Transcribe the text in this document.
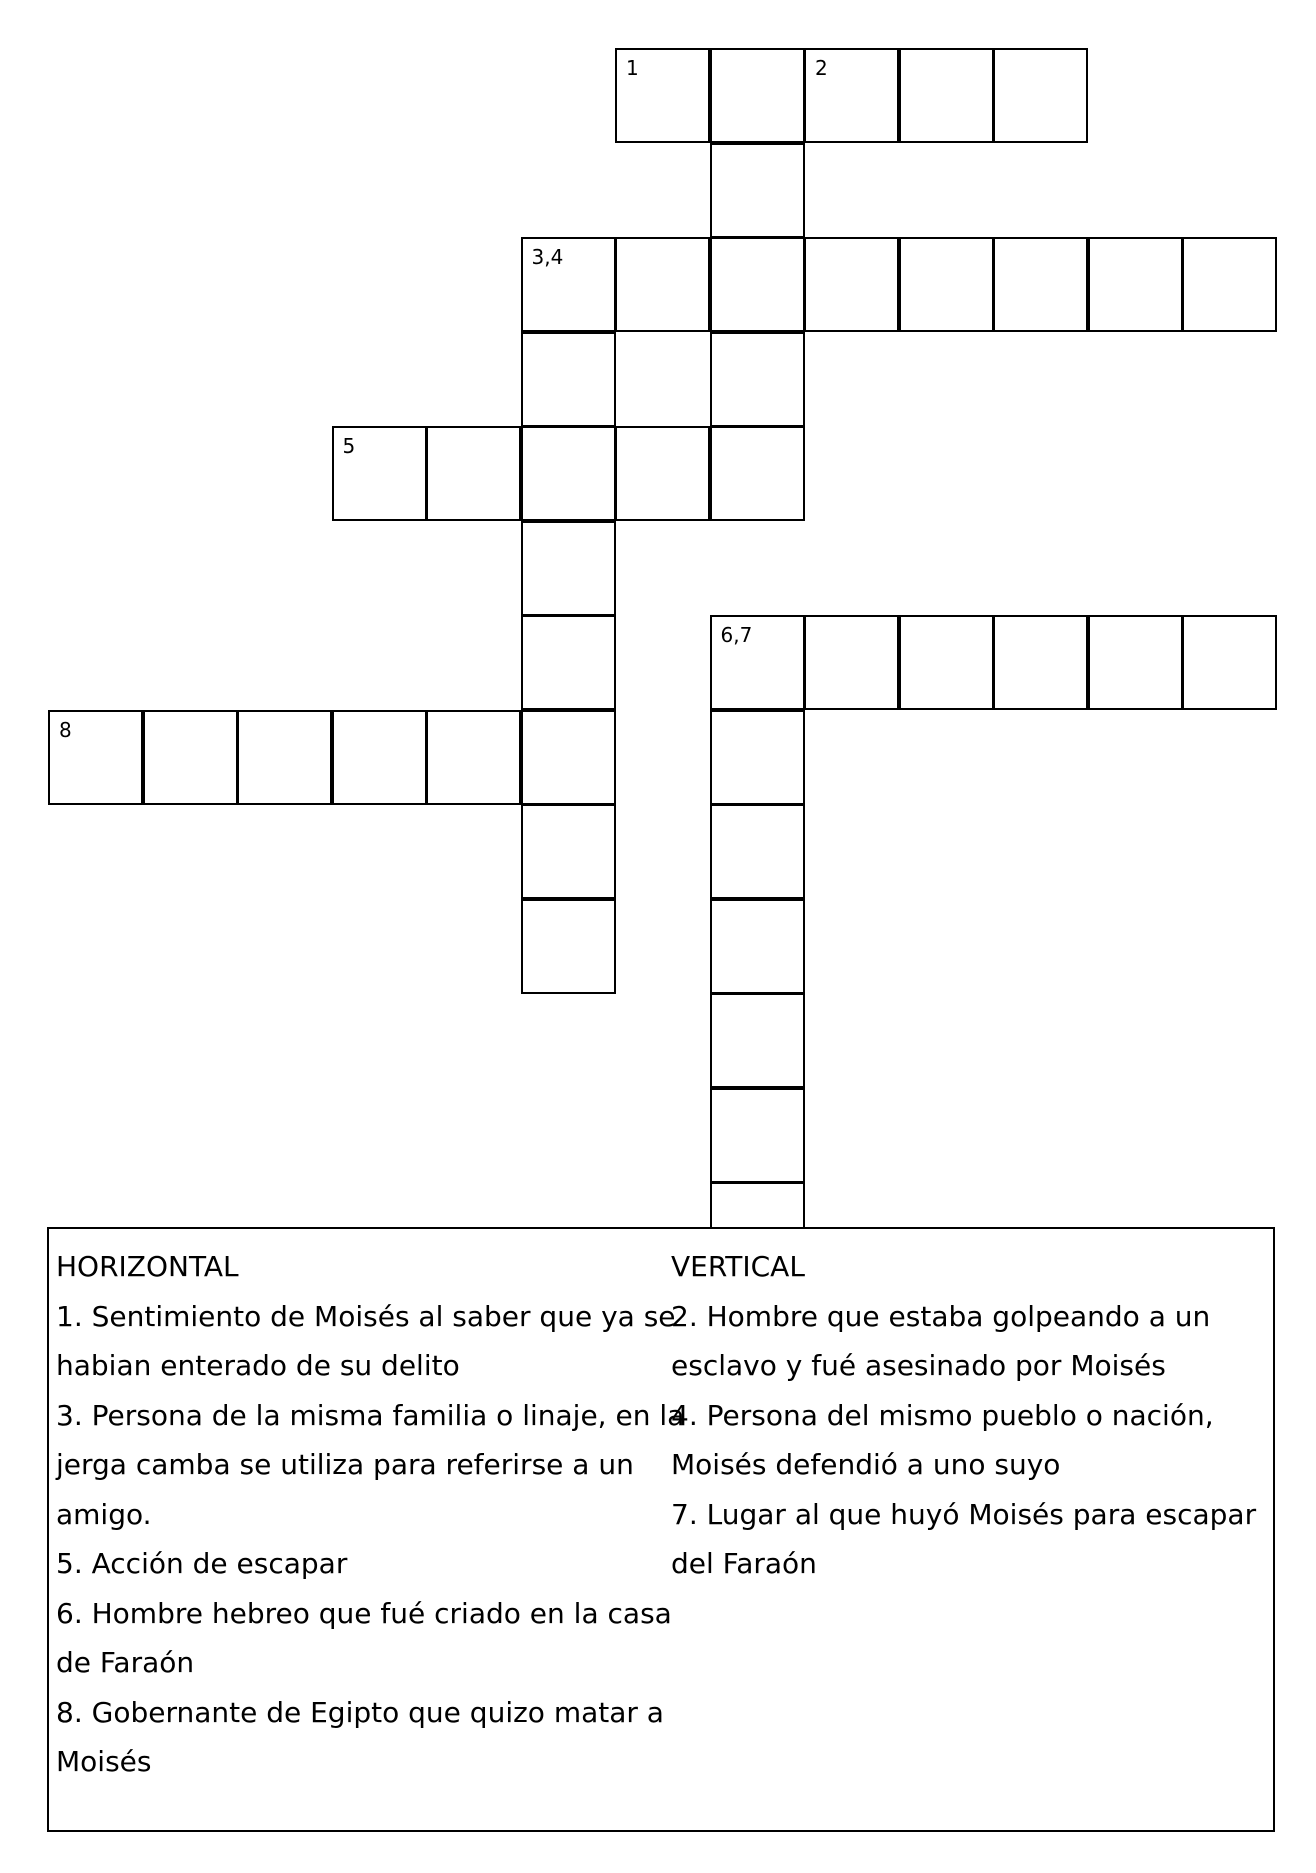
1	2
3,4
5
6,7
8
HORIZONTAL
1. Sentimiento de Moisés al saber que ya se
habian enterado de su delito
3. Persona de la misma familia o linaje, en la
jerga camba se utiliza para referirse a un
amigo.
5. Acción de escapar
6. Hombre hebreo que fué criado en la casa
de Faraón
8. Gobernante de Egipto que quizo matar a
Moisés
VERTICAL
2. Hombre que estaba golpeando a un
esclavo y fué asesinado por Moisés
4. Persona del mismo pueblo o nación,
Moisés defendió a uno suyo
7. Lugar al que huyó Moisés para escapar
del Faraón
